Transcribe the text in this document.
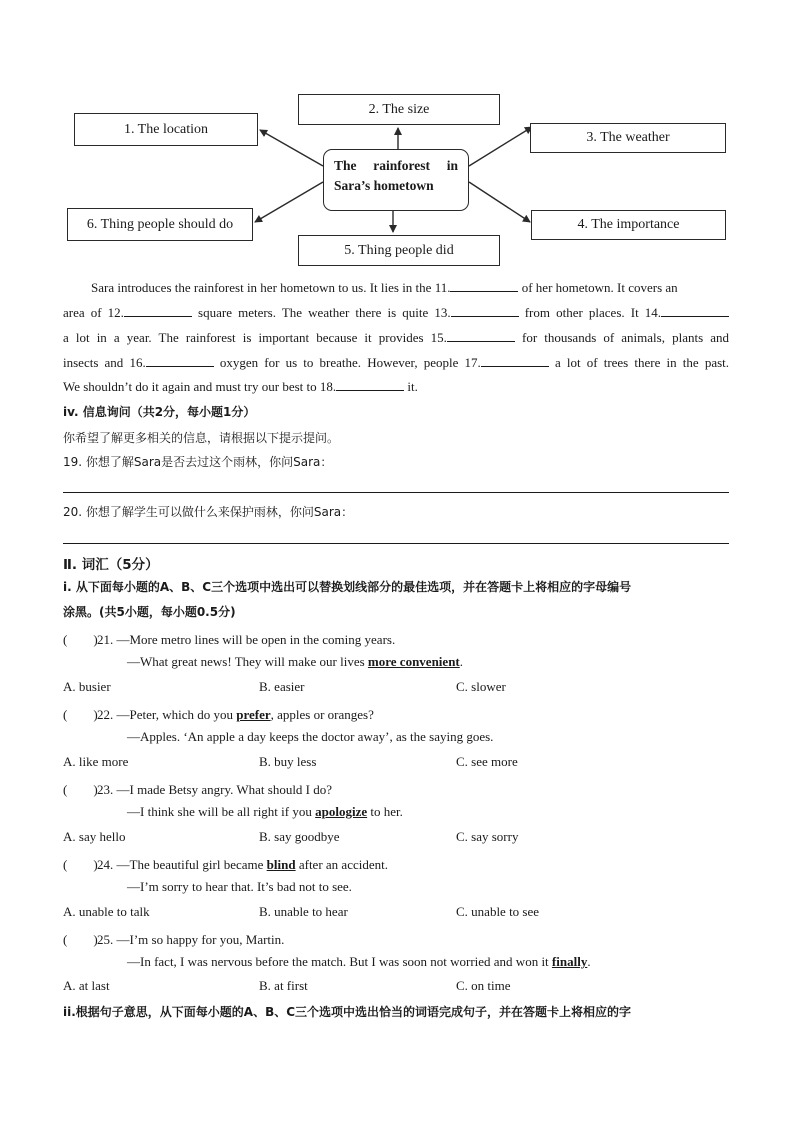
1. The location
2. The size
3. The weather
4. The importance
5. Thing people did
6. Thing people should do
The rainforest in
Sara’s hometown
Sara introduces the rainforest in her hometown to us. It lies in the 11.	of her hometown. It covers an
area of 12.	square meters. The weather there is quite 13.	from other places. It 14.
a lot in a year. The rainforest is important because it provides 15.	for thousands of animals, plants and
insects and 16.	oxygen for us to breathe. However, people 17.	a lot of trees there in the past.
We shouldn’t do it again and must try our best to 18.	it.
iv. 信息询问（共2分，每小题1分）
你希望了解更多相关的信息，请根据以下提示提问。
19. 你想了解Sara是否去过这个雨林，你问Sara：
20. 你想了解学生可以做什么来保护雨林，你问Sara：
Ⅱ. 词汇（5分）
i. 从下面每小题的A、B、C三个选项中选出可以替换划线部分的最佳选项，并在答题卡上将相应的字母编号
涂黑。(共5小题，每小题0.5分)
(　　)21. —More metro lines will be open in the coming years.
—What great news! They will make our lives more convenient.
A. busier	B. easier	C. slower
(　　)22. —Peter, which do you prefer, apples or oranges?
—Apples. ‘An apple a day keeps the doctor away’, as the saying goes.
A. like more	B. buy less	C. see more
(　　)23. —I made Betsy angry. What should I do?
—I think she will be all right if you apologize to her.
A. say hello	B. say goodbye	C. say sorry
(　　)24. —The beautiful girl became blind after an accident.
—I’m sorry to hear that. It’s bad not to see.
A. unable to talk	B. unable to hear	C. unable to see
(　　)25. —I’m so happy for you, Martin.
—In fact, I was nervous before the match. But I was soon not worried and won it finally.
A. at last	B. at first	C. on time
ii.根据句子意思，从下面每小题的A、B、C三个选项中选出恰当的词语完成句子，并在答题卡上将相应的字
